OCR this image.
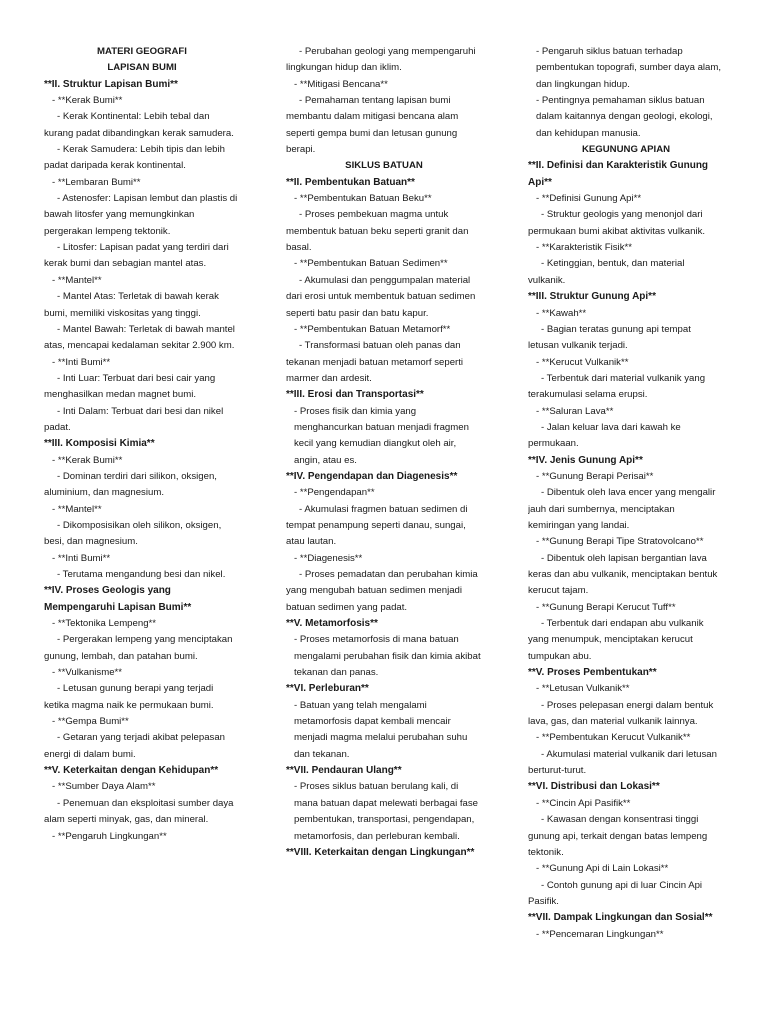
MATERI GEOGRAFI
LAPISAN BUMI
**II. Struktur Lapisan Bumi**
- **Kerak Bumi**
- Kerak Kontinental: Lebih tebal dan kurang padat dibandingkan kerak samudera.
- Kerak Samudera: Lebih tipis dan lebih padat daripada kerak kontinental.
- **Lembaran Bumi**
- Astenosfer: Lapisan lembut dan plastis di bawah litosfer yang memungkinkan pergerakan lempeng tektonik.
- Litosfer: Lapisan padat yang terdiri dari kerak bumi dan sebagian mantel atas.
- **Mantel**
- Mantel Atas: Terletak di bawah kerak bumi, memiliki viskositas yang tinggi.
- Mantel Bawah: Terletak di bawah mantel atas, mencapai kedalaman sekitar 2.900 km.
- **Inti Bumi**
- Inti Luar: Terbuat dari besi cair yang menghasilkan medan magnet bumi.
- Inti Dalam: Terbuat dari besi dan nikel padat.
**III. Komposisi Kimia**
- **Kerak Bumi**
- Dominan terdiri dari silikon, oksigen, aluminium, dan magnesium.
- **Mantel**
- Dikomposisikan oleh silikon, oksigen, besi, dan magnesium.
- **Inti Bumi**
- Terutama mengandung besi dan nikel.
**IV. Proses Geologis yang Mempengaruhi Lapisan Bumi**
- **Tektonika Lempeng**
- Pergerakan lempeng yang menciptakan gunung, lembah, dan patahan bumi.
- **Vulkanisme**
- Letusan gunung berapi yang terjadi ketika magma naik ke permukaan bumi.
- **Gempa Bumi**
- Getaran yang terjadi akibat pelepasan energi di dalam bumi.
**V. Keterkaitan dengan Kehidupan**
- **Sumber Daya Alam**
- Penemuan dan eksploitasi sumber daya alam seperti minyak, gas, dan mineral.
- **Pengaruh Lingkungan**
- Perubahan geologi yang mempengaruhi lingkungan hidup dan iklim.
- **Mitigasi Bencana**
- Pemahaman tentang lapisan bumi membantu dalam mitigasi bencana alam seperti gempa bumi dan letusan gunung berapi.
SIKLUS BATUAN
**II. Pembentukan Batuan**
- **Pembentukan Batuan Beku**
- Proses pembekuan magma untuk membentuk batuan beku seperti granit dan basal.
- **Pembentukan Batuan Sedimen**
- Akumulasi dan penggumpalan material dari erosi untuk membentuk batuan sedimen seperti batu pasir dan batu kapur.
- **Pembentukan Batuan Metamorf**
- Transformasi batuan oleh panas dan tekanan menjadi batuan metamorf seperti marmer dan ardesit.
**III. Erosi dan Transportasi**
- Proses fisik dan kimia yang menghancurkan batuan menjadi fragmen kecil yang kemudian diangkut oleh air, angin, atau es.
**IV. Pengendapan dan Diagenesis**
- **Pengendapan**
- Akumulasi fragmen batuan sedimen di tempat penampung seperti danau, sungai, atau lautan.
- **Diagenesis**
- Proses pemadatan dan perubahan kimia yang mengubah batuan sedimen menjadi batuan sedimen yang padat.
**V. Metamorfosis**
- Proses metamorfosis di mana batuan mengalami perubahan fisik dan kimia akibat tekanan dan panas.
**VI. Perleburan**
- Batuan yang telah mengalami metamorfosis dapat kembali mencair menjadi magma melalui perubahan suhu dan tekanan.
**VII. Pendauran Ulang**
- Proses siklus batuan berulang kali, di mana batuan dapat melewati berbagai fase pembentukan, transportasi, pengendapan, metamorfosis, dan perleburan kembali.
**VIII. Keterkaitan dengan Lingkungan**
- Pengaruh siklus batuan terhadap pembentukan topografi, sumber daya alam, dan lingkungan hidup.
- Pentingnya pemahaman siklus batuan dalam kaitannya dengan geologi, ekologi, dan kehidupan manusia.
KEGUNUNG APIAN
**II. Definisi dan Karakteristik Gunung Api**
- **Definisi Gunung Api**
- Struktur geologis yang menonjol dari permukaan bumi akibat aktivitas vulkanik.
- **Karakteristik Fisik**
- Ketinggian, bentuk, dan material vulkanik.
**III. Struktur Gunung Api**
- **Kawah**
- Bagian teratas gunung api tempat letusan vulkanik terjadi.
- **Kerucut Vulkanik**
- Terbentuk dari material vulkanik yang terakumulasi selama erupsi.
- **Saluran Lava**
- Jalan keluar lava dari kawah ke permukaan.
**IV. Jenis Gunung Api**
- **Gunung Berapi Perisai**
- Dibentuk oleh lava encer yang mengalir jauh dari sumbernya, menciptakan kemiringan yang landai.
- **Gunung Berapi Tipe Stratovolcano**
- Dibentuk oleh lapisan bergantian lava keras dan abu vulkanik, menciptakan bentuk kerucut tajam.
- **Gunung Berapi Kerucut Tuff**
- Terbentuk dari endapan abu vulkanik yang menumpuk, menciptakan kerucut tumpukan abu.
**V. Proses Pembentukan**
- **Letusan Vulkanik**
- Proses pelepasan energi dalam bentuk lava, gas, dan material vulkanik lainnya.
- **Pembentukan Kerucut Vulkanik**
- Akumulasi material vulkanik dari letusan berturut-turut.
**VI. Distribusi dan Lokasi**
- **Cincin Api Pasifik**
- Kawasan dengan konsentrasi tinggi gunung api, terkait dengan batas lempeng tektonik.
- **Gunung Api di Lain Lokasi**
- Contoh gunung api di luar Cincin Api Pasifik.
**VII. Dampak Lingkungan dan Sosial**
- **Pencemaran Lingkungan**
